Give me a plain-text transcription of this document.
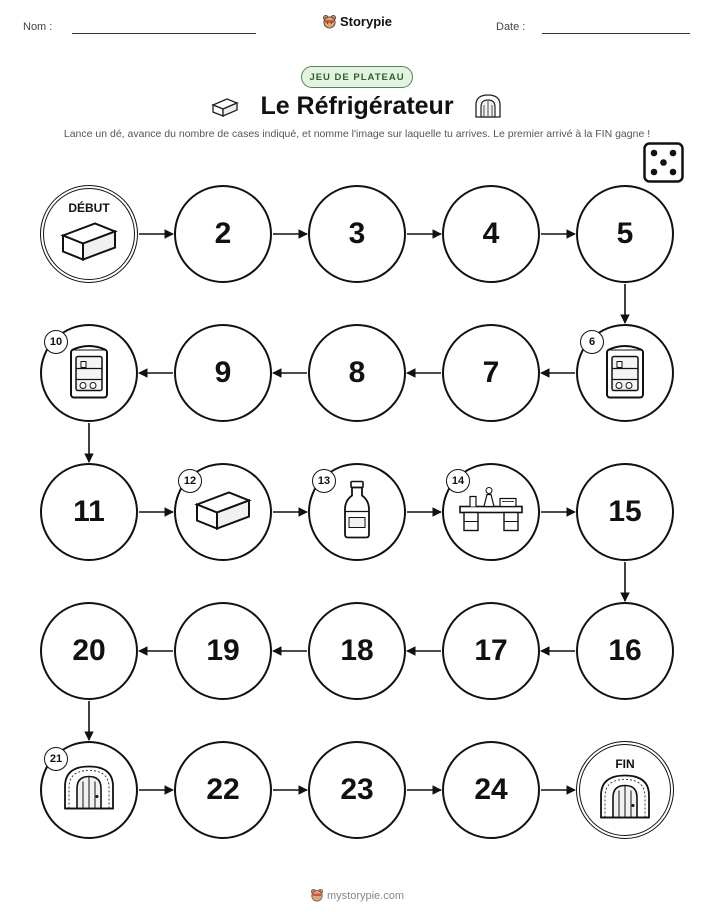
Nom :	Storypie	Date :
JEU DE PLATEAU
Le Réfrigérateur
Lance un dé, avance du nombre de cases indiqué, et nomme l'image sur laquelle tu arrives. Le premier arrivé à la FIN gagne !
DÉBUT
2	3	4	5
6
7
8
9
10
11
12	13	14
15
16
17
18
19
20
21
22	23	24
FIN
mystorypie.com
